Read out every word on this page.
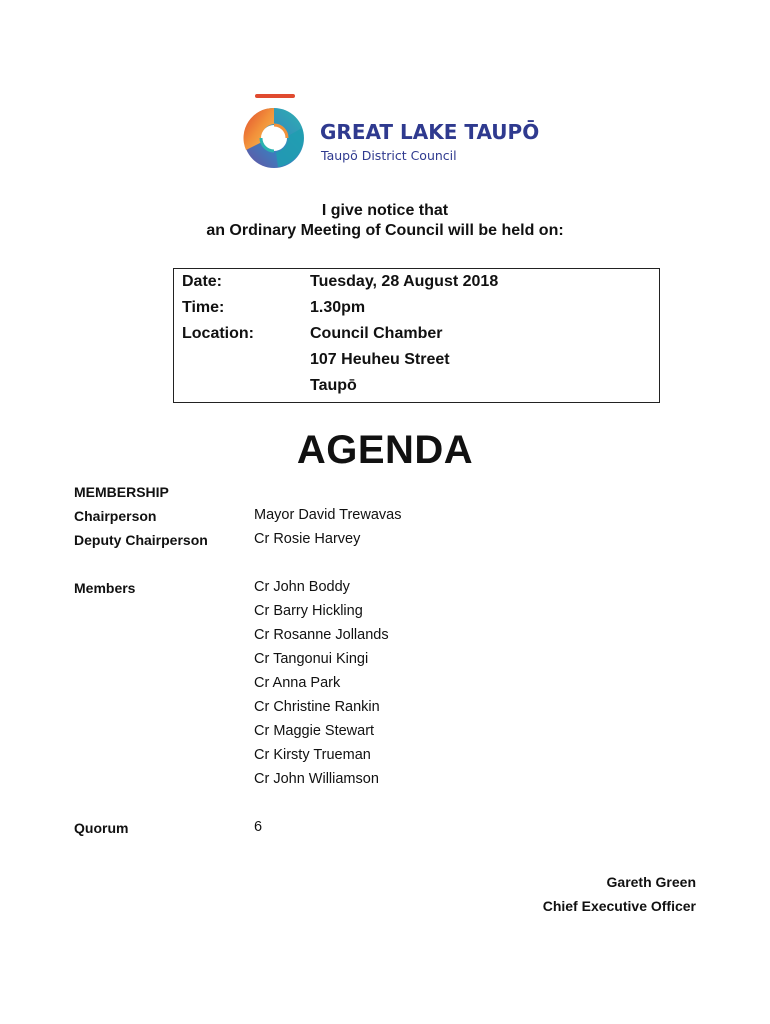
GREAT LAKE TAUPŌ
Taupō District Council
I give notice that
an Ordinary Meeting of Council will be held on:
Date:	Tuesday, 28 August 2018
Time:	1.30pm
Location:	Council Chamber
107 Heuheu Street
Taupō
AGENDA
MEMBERSHIP
Chairperson	Mayor David Trewavas
Deputy Chairperson	Cr Rosie Harvey
Members	Cr John Boddy
Cr Barry Hickling
Cr Rosanne Jollands
Cr Tangonui Kingi
Cr Anna Park
Cr Christine Rankin
Cr Maggie Stewart
Cr Kirsty Trueman
Cr John Williamson
Quorum	6
Gareth Green
Chief Executive Officer
